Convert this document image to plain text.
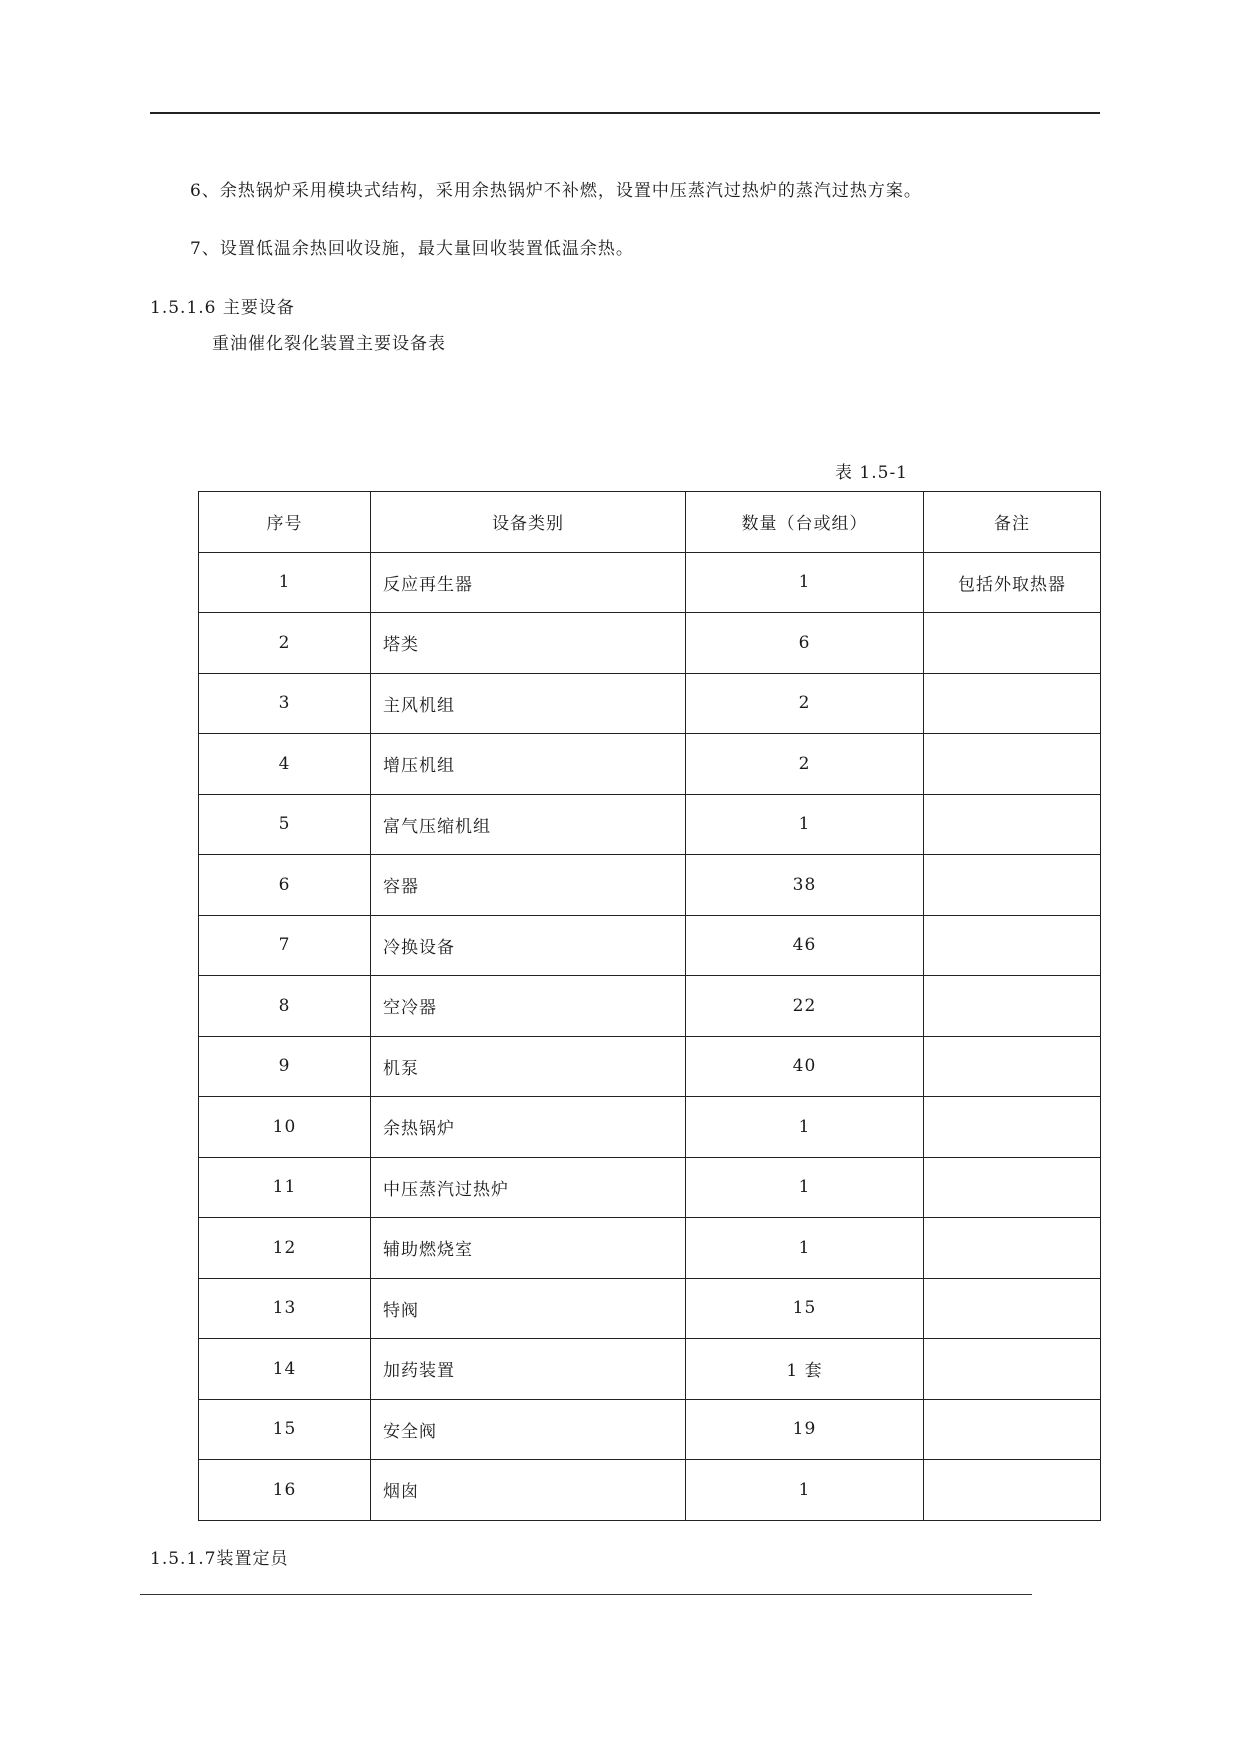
6、余热锅炉采用模块式结构，采用余热锅炉不补燃，设置中压蒸汽过热炉的蒸汽过热方案。
7、设置低温余热回收设施，最大量回收装置低温余热。
1.5.1.6 主要设备
重油催化裂化装置主要设备表
表 1.5-1
序号	设备类别	数量（台或组）	备注
1	反应再生器	1	包括外取热器
2	塔类	6	
3	主风机组	2	
4	增压机组	2	
5	富气压缩机组	1	
6	容器	38	
7	冷换设备	46	
8	空冷器	22	
9	机泵	40	
10	余热锅炉	1	
11	中压蒸汽过热炉	1	
12	辅助燃烧室	1	
13	特阀	15	
14	加药装置	1 套	
15	安全阀	19	
16	烟囱	1	
1.5.1.7装置定员
